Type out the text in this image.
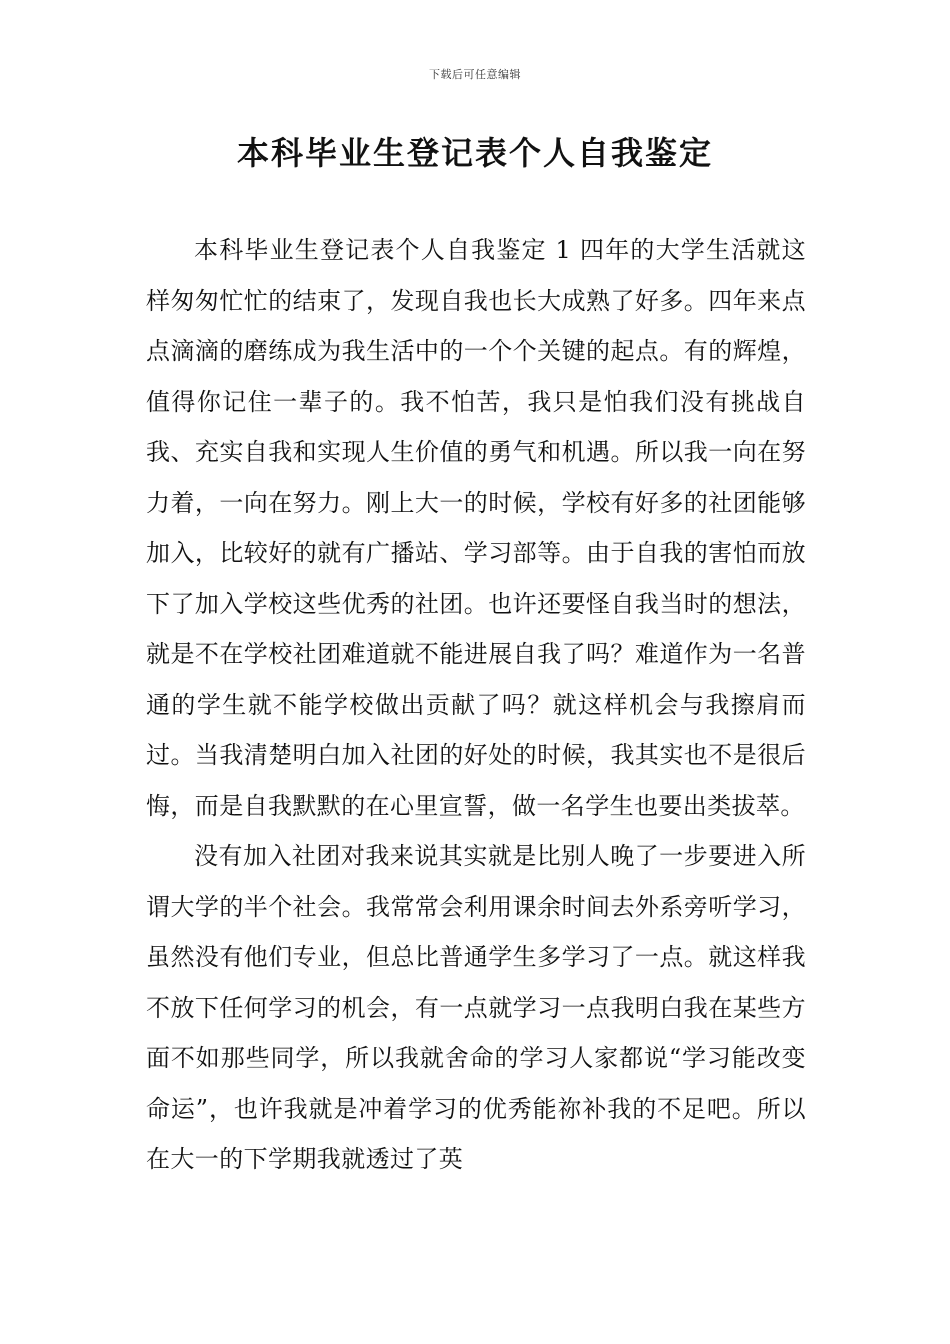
下载后可任意编辑
本科毕业生登记表个人自我鉴定

本科毕业生登记表个人自我鉴定 1 四年的大学生活就这样匆匆忙忙的结束了，发现自我也长大成熟了好多。四年来点点滴滴的磨练成为我生活中的一个个关键的起点。有的辉煌，值得你记住一辈子的。我不怕苦，我只是怕我们没有挑战自我、充实自我和实现人生价值的勇气和机遇。所以我一向在努力着，一向在努力。刚上大一的时候，学校有好多的社团能够加入，比较好的就有广播站、学习部等。由于自我的害怕而放下了加入学校这些优秀的社团。也许还要怪自我当时的想法，就是不在学校社团难道就不能进展自我了吗？难道作为一名普通的学生就不能学校做出贡献了吗？就这样机会与我擦肩而过。当我清楚明白加入社团的好处的时候，我其实也不是很后悔，而是自我默默的在心里宣誓，做一名学生也要出类拔萃。

没有加入社团对我来说其实就是比别人晚了一步要进入所谓大学的半个社会。我常常会利用课余时间去外系旁听学习，虽然没有他们专业，但总比普通学生多学习了一点。就这样我不放下任何学习的机会，有一点就学习一点我明白我在某些方面不如那些同学，所以我就舍命的学习人家都说“学习能改变命运”，也许我就是冲着学习的优秀能祢补我的不足吧。所以在大一的下学期我就透过了英
